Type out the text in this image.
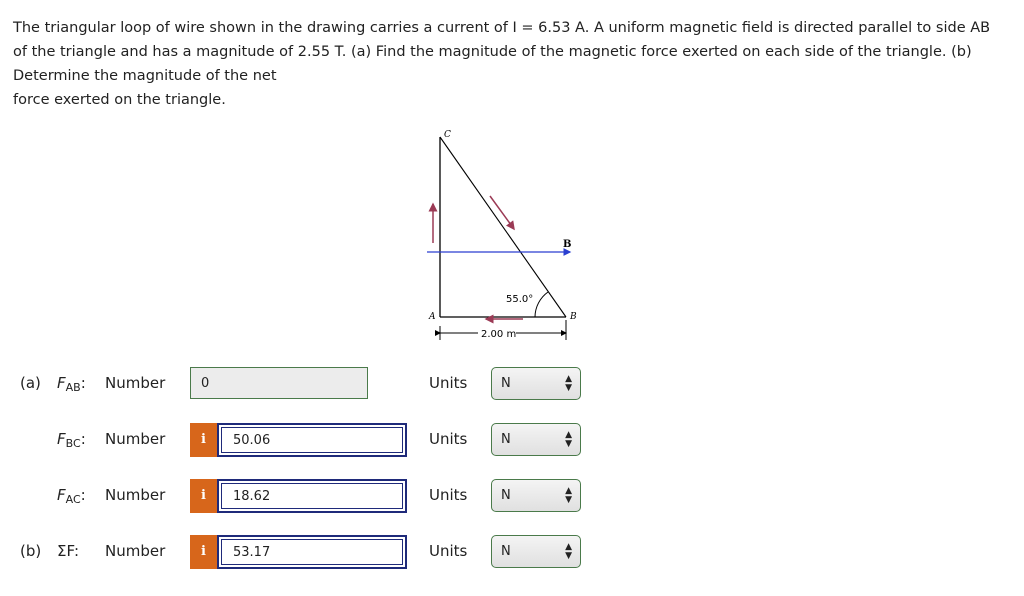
The triangular loop of wire shown in the drawing carries a current of I = 6.53 A. A uniform magnetic field is directed parallel to side AB

of the triangle and has a magnitude of 2.55 T. (a) Find the magnitude of the magnetic force exerted on each side of the triangle. (b)

Determine the magnitude of the net

force exerted on the triangle.

C
A	B
B
55.0°
2.00 m
(a) $F_{AB}$: Number	0	Units	N	▲
▼
$F_{BC}$: Number	i	50.06	Units	N	▲
▼
$F_{AC}$: Number	i	18.62	Units	N	▲
▼
(b) ΣF: Number	i	53.17	Units	N	▲
▼
